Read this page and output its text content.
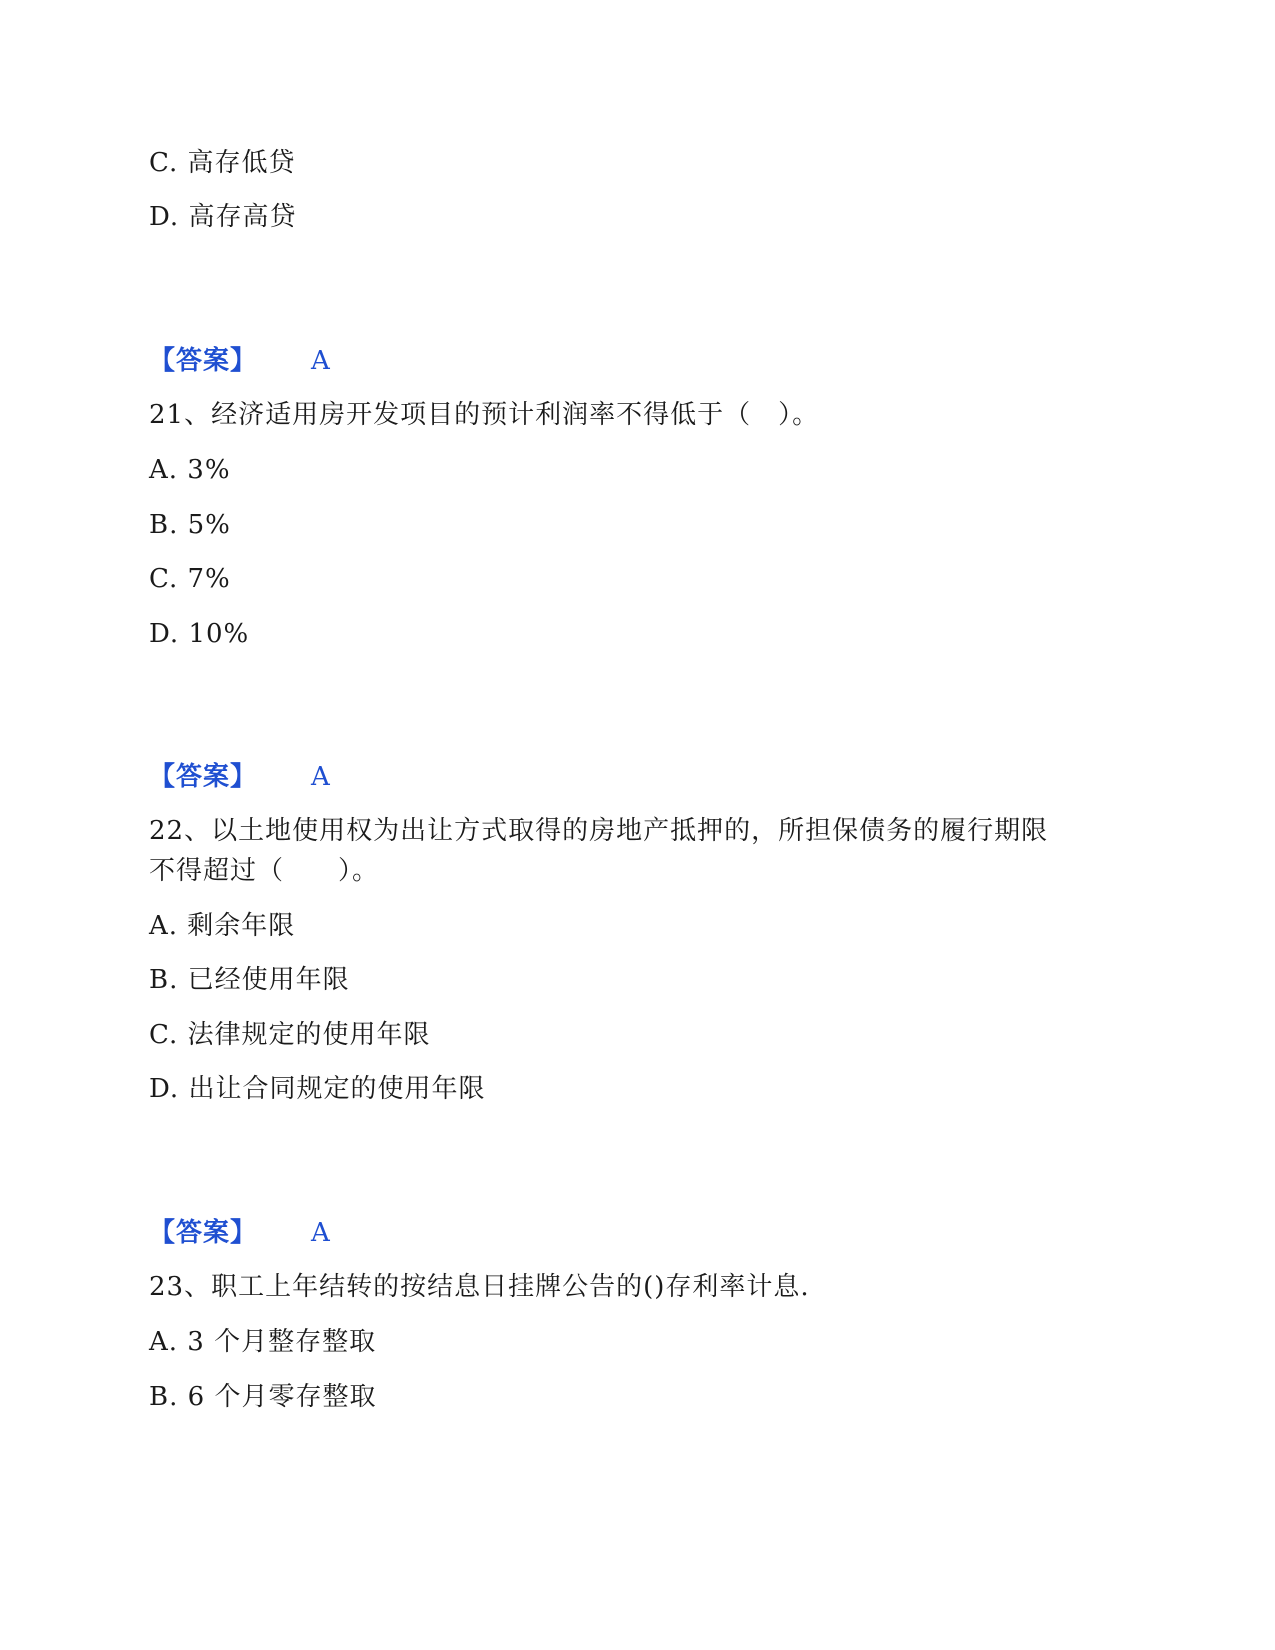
C. 高存低贷
D. 高存高贷
【答案】 A
21、经济适用房开发项目的预计利润率不得低于（　）。
A. 3%
B. 5%
C. 7%
D. 10%
【答案】 A
22、以土地使用权为出让方式取得的房地产抵押的，所担保债务的履行期限
不得超过（　　）。
A. 剩余年限
B. 已经使用年限
C. 法律规定的使用年限
D. 出让合同规定的使用年限
【答案】 A
23、职工上年结转的按结息日挂牌公告的()存利率计息.
A. 3 个月整存整取
B. 6 个月零存整取
